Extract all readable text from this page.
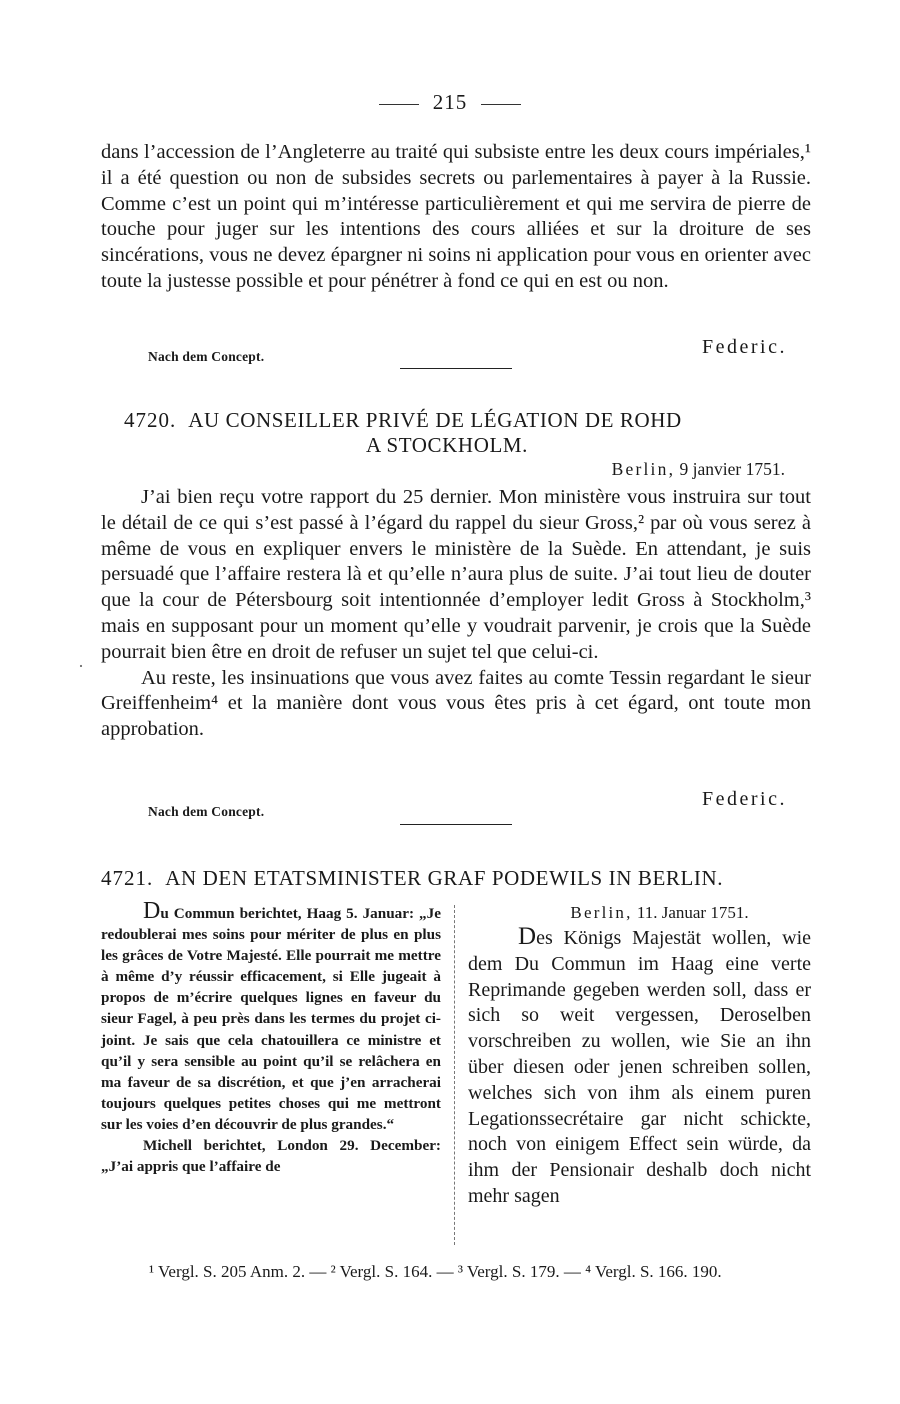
215

dans l’accession de l’Angleterre au traité qui subsiste entre les deux cours impériales,¹ il a été question ou non de subsides secrets ou parlementaires à payer à la Russie. Comme c’est un point qui m’intéresse particulièrement et qui me servira de pierre de touche pour juger sur les intentions des cours alliées et sur la droiture de ses sincérations, vous ne devez épargner ni soins ni application pour vous en orienter avec toute la justesse possible et pour pénétrer à fond ce qui en est ou non.

Nach dem Concept.	Federic.
4720. AU CONSEILLER PRIVÉ DE LÉGATION DE ROHD
A STOCKHOLM.
Berlin, 9 janvier 1751.

J’ai bien reçu votre rapport du 25 dernier. Mon ministère vous instruira sur tout le détail de ce qui s’est passé à l’égard du rappel du sieur Gross,² par où vous serez à même de vous en expliquer envers le ministère de la Suède. En attendant, je suis persuadé que l’affaire restera là et qu’elle n’aura plus de suite. J’ai tout lieu de douter que la cour de Pétersbourg soit intentionnée d’employer ledit Gross à Stockholm,³ mais en supposant pour un moment qu’elle y voudrait parvenir, je crois que la Suède pourrait bien être en droit de refuser un sujet tel que celui-ci.

Au reste, les insinuations que vous avez faites au comte Tessin regardant le sieur Greiffenheim⁴ et la manière dont vous vous êtes pris à cet égard, ont toute mon approbation.

·
Nach dem Concept.
Federic.
4721. AN DEN ETATSMINISTER GRAF PODEWILS IN BERLIN.

Du Commun berichtet, Haag 5. Januar: „Je redoublerai mes soins pour mériter de plus en plus les grâces de Votre Majesté. Elle pourrait me mettre à même d’y réussir efficacement, si Elle jugeait à propos de m’écrire quelques lignes en faveur du sieur Fagel, à peu près dans les termes du projet ci-joint. Je sais que cela chatouillera ce ministre et qu’il y sera sensible au point qu’il se relâchera en ma faveur de sa discrétion, et que j’en arracherai toujours quelques petites choses qui me mettront sur les voies d’en découvrir de plus grandes.“

Michell berichtet, London 29. December: „J’ai appris que l’affaire de

Berlin, 11. Januar 1751.

Des Königs Majestät wollen, wie dem Du Commun im Haag eine verte Reprimande gegeben werden soll, dass er sich so weit vergessen, Deroselben vorschreiben zu wollen, wie Sie an ihn über diesen oder jenen schreiben sollen, welches sich von ihm als einem puren Legationssecrétaire gar nicht schickte, noch von einigem Effect sein würde, da ihm der Pensionair deshalb doch nicht mehr sagen

¹ Vergl. S. 205 Anm. 2. — ² Vergl. S. 164. — ³ Vergl. S. 179. — ⁴ Vergl. S. 166. 190.
